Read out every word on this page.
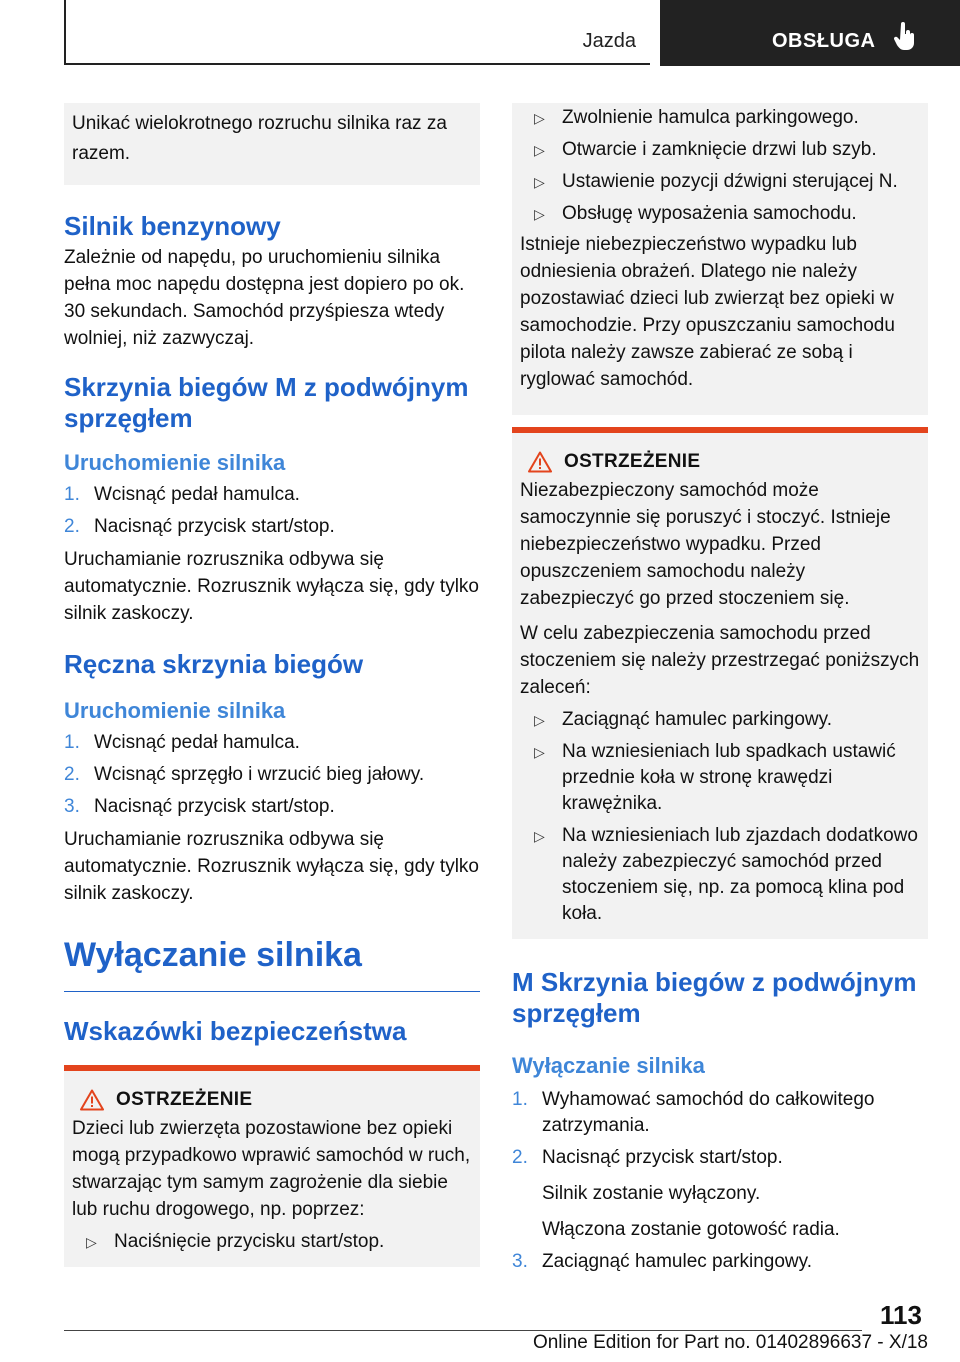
Jazda	OBSŁUGA

Unikać wielokrotnego rozruchu silnika raz za razem.

Silnik benzynowy

Zależnie od napędu, po uruchomieniu silnika pełna moc napędu dostępna jest dopiero po ok. 30 sekundach. Samochód przyśpiesza wtedy wolniej, niż zazwyczaj.

Skrzynia biegów M z podwójnym sprzęgłem
Uruchomienie silnika
1. Wcisnąć pedał hamulca.
2. Nacisnąć przycisk start/stop.

Uruchamianie rozrusznika odbywa się automatycznie. Rozrusznik wyłącza się, gdy tylko silnik zaskoczy.

Ręczna skrzynia biegów
Uruchomienie silnika
1. Wcisnąć pedał hamulca.
2. Wcisnąć sprzęgło i wrzucić bieg jałowy.
3. Nacisnąć przycisk start/stop.

Uruchamianie rozrusznika odbywa się automatycznie. Rozrusznik wyłącza się, gdy tylko silnik zaskoczy.

Wyłączanie silnika
Wskazówki bezpieczeństwa
OSTRZEŻENIE

Dzieci lub zwierzęta pozostawione bez opieki mogą przypadkowo wprawić samochód w ruch, stwarzając tym samym zagrożenie dla siebie lub ruchu drogowego, np. poprzez:

▷ Naciśnięcie przycisku start/stop.
▷ Zwolnienie hamulca parkingowego.
▷ Otwarcie i zamknięcie drzwi lub szyb.
▷ Ustawienie pozycji dźwigni sterującej N.
▷ Obsługę wyposażenia samochodu.

Istnieje niebezpieczeństwo wypadku lub odniesienia obrażeń. Dlatego nie należy pozostawiać dzieci lub zwierząt bez opieki w samochodzie. Przy opuszczaniu samochodu pilota należy zawsze zabierać ze sobą i ryglować samochód.

OSTRZEŻENIE

Niezabezpieczony samochód może samoczynnie się poruszyć i stoczyć. Istnieje niebezpieczeństwo wypadku. Przed opuszczeniem samochodu należy zabezpieczyć go przed stoczeniem się.

W celu zabezpieczenia samochodu przed stoczeniem się należy przestrzegać poniższych zaleceń:

▷ Zaciągnąć hamulec parkingowy.
▷ Na wzniesieniach lub spadkach ustawić przednie koła w stronę krawędzi krawężnika.
▷ Na wzniesieniach lub zjazdach dodatkowo należy zabezpieczyć samochód przed stoczeniem się, np. za pomocą klina pod koła.
M Skrzynia biegów z podwójnym sprzęgłem
Wyłączanie silnika
1. Wyhamować samochód do całkowitego zatrzymania.
2. Nacisnąć przycisk start/stop.
Silnik zostanie wyłączony.
Włączona zostanie gotowość radia.
3. Zaciągnąć hamulec parkingowy.
113
Online Edition for Part no. 01402896637 - X/18
